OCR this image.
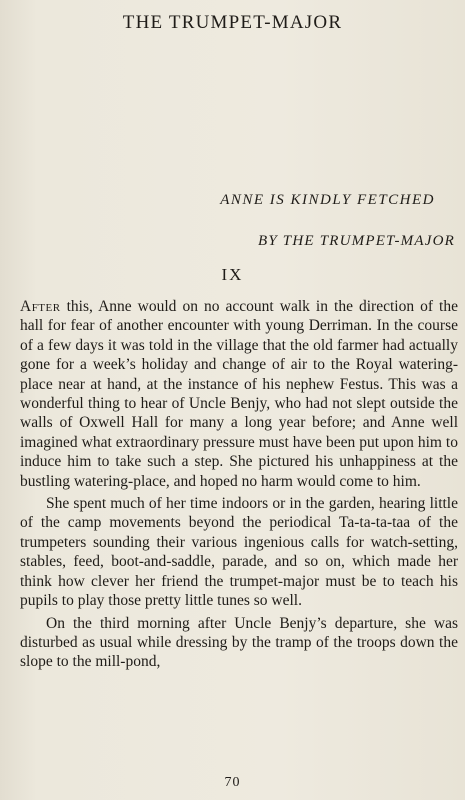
THE TRUMPET-MAJOR
ANNE IS KINDLY FETCHED
BY THE TRUMPET-MAJOR
IX

After this, Anne would on no account walk in the direction of the hall for fear of another encounter with young Derriman. In the course of a few days it was told in the village that the old farmer had actually gone for a week’s holiday and change of air to the Royal watering-place near at hand, at the instance of his nephew Festus. This was a wonderful thing to hear of Uncle Benjy, who had not slept outside the walls of Oxwell Hall for many a long year before; and Anne well imagined what extraordinary pressure must have been put upon him to induce him to take such a step. She pictured his unhappiness at the bustling watering-place, and hoped no harm would come to him.

She spent much of her time indoors or in the garden, hearing little of the camp movements beyond the periodical Ta-ta-ta-taa of the trumpeters sounding their various ingenious calls for watch-setting, stables, feed, boot-and-saddle, parade, and so on, which made her think how clever her friend the trumpet-major must be to teach his pupils to play those pretty little tunes so well.

On the third morning after Uncle Benjy’s departure, she was disturbed as usual while dressing by the tramp of the troops down the slope to the mill-pond,

70
